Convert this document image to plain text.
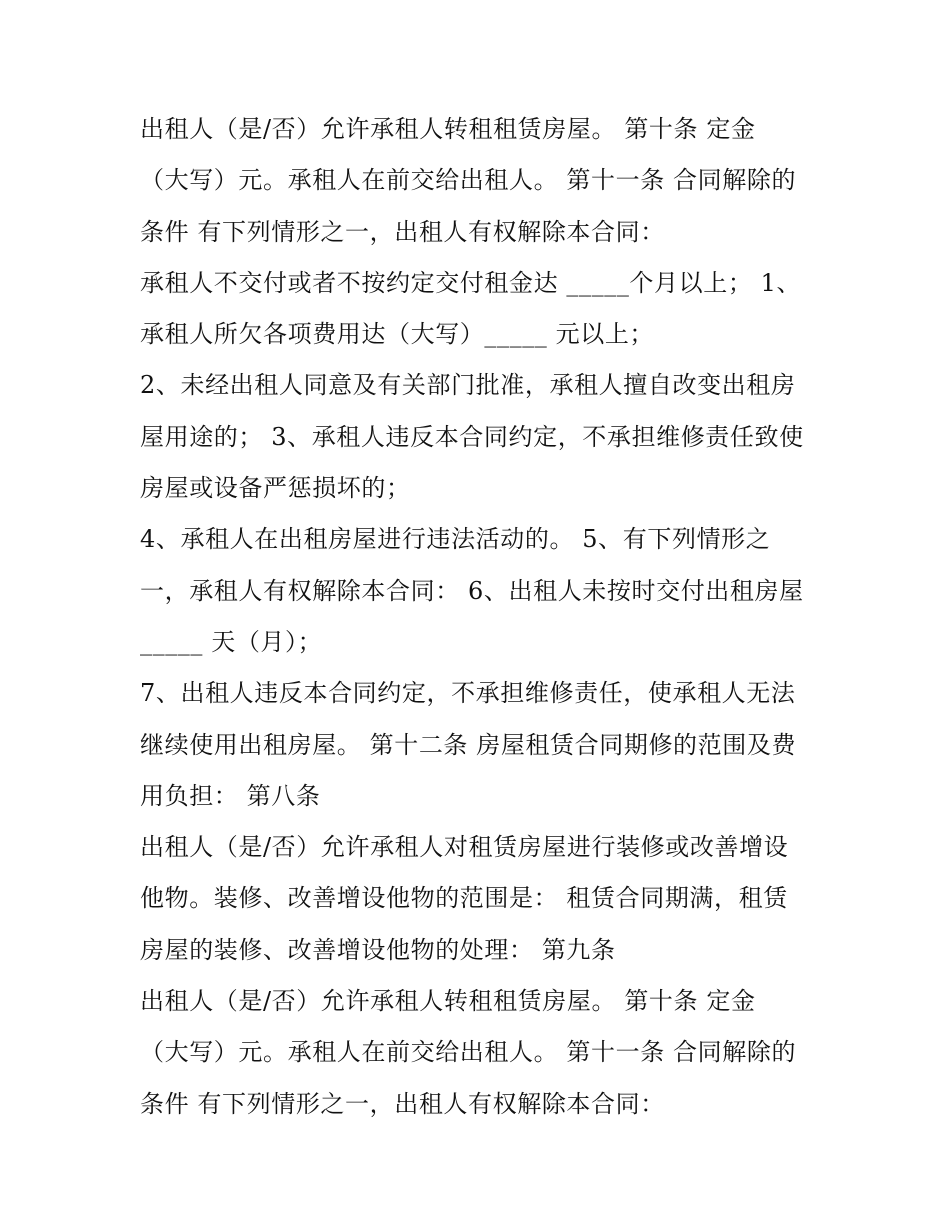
出租人（是/否）允许承租人转租租赁房屋。 第十条 定金
（大写）元。承租人在前交给出租人。 第十一条 合同解除的
条件 有下列情形之一，出租人有权解除本合同：
承租人不交付或者不按约定交付租金达 _____个月以上； 1、
承租人所欠各项费用达（大写）_____ 元以上；
2、未经出租人同意及有关部门批准，承租人擅自改变出租房
屋用途的； 3、承租人违反本合同约定，不承担维修责任致使
房屋或设备严惩损坏的；
4、承租人在出租房屋进行违法活动的。 5、有下列情形之
一，承租人有权解除本合同： 6、出租人未按时交付出租房屋
_____ 天（月）；
7、出租人违反本合同约定，不承担维修责任，使承租人无法
继续使用出租房屋。 第十二条 房屋租赁合同期修的范围及费
用负担： 第八条
出租人（是/否）允许承租人对租赁房屋进行装修或改善增设
他物。装修、改善增设他物的范围是： 租赁合同期满，租赁
房屋的装修、改善增设他物的处理： 第九条
出租人（是/否）允许承租人转租租赁房屋。 第十条 定金
（大写）元。承租人在前交给出租人。 第十一条 合同解除的
条件 有下列情形之一，出租人有权解除本合同：
